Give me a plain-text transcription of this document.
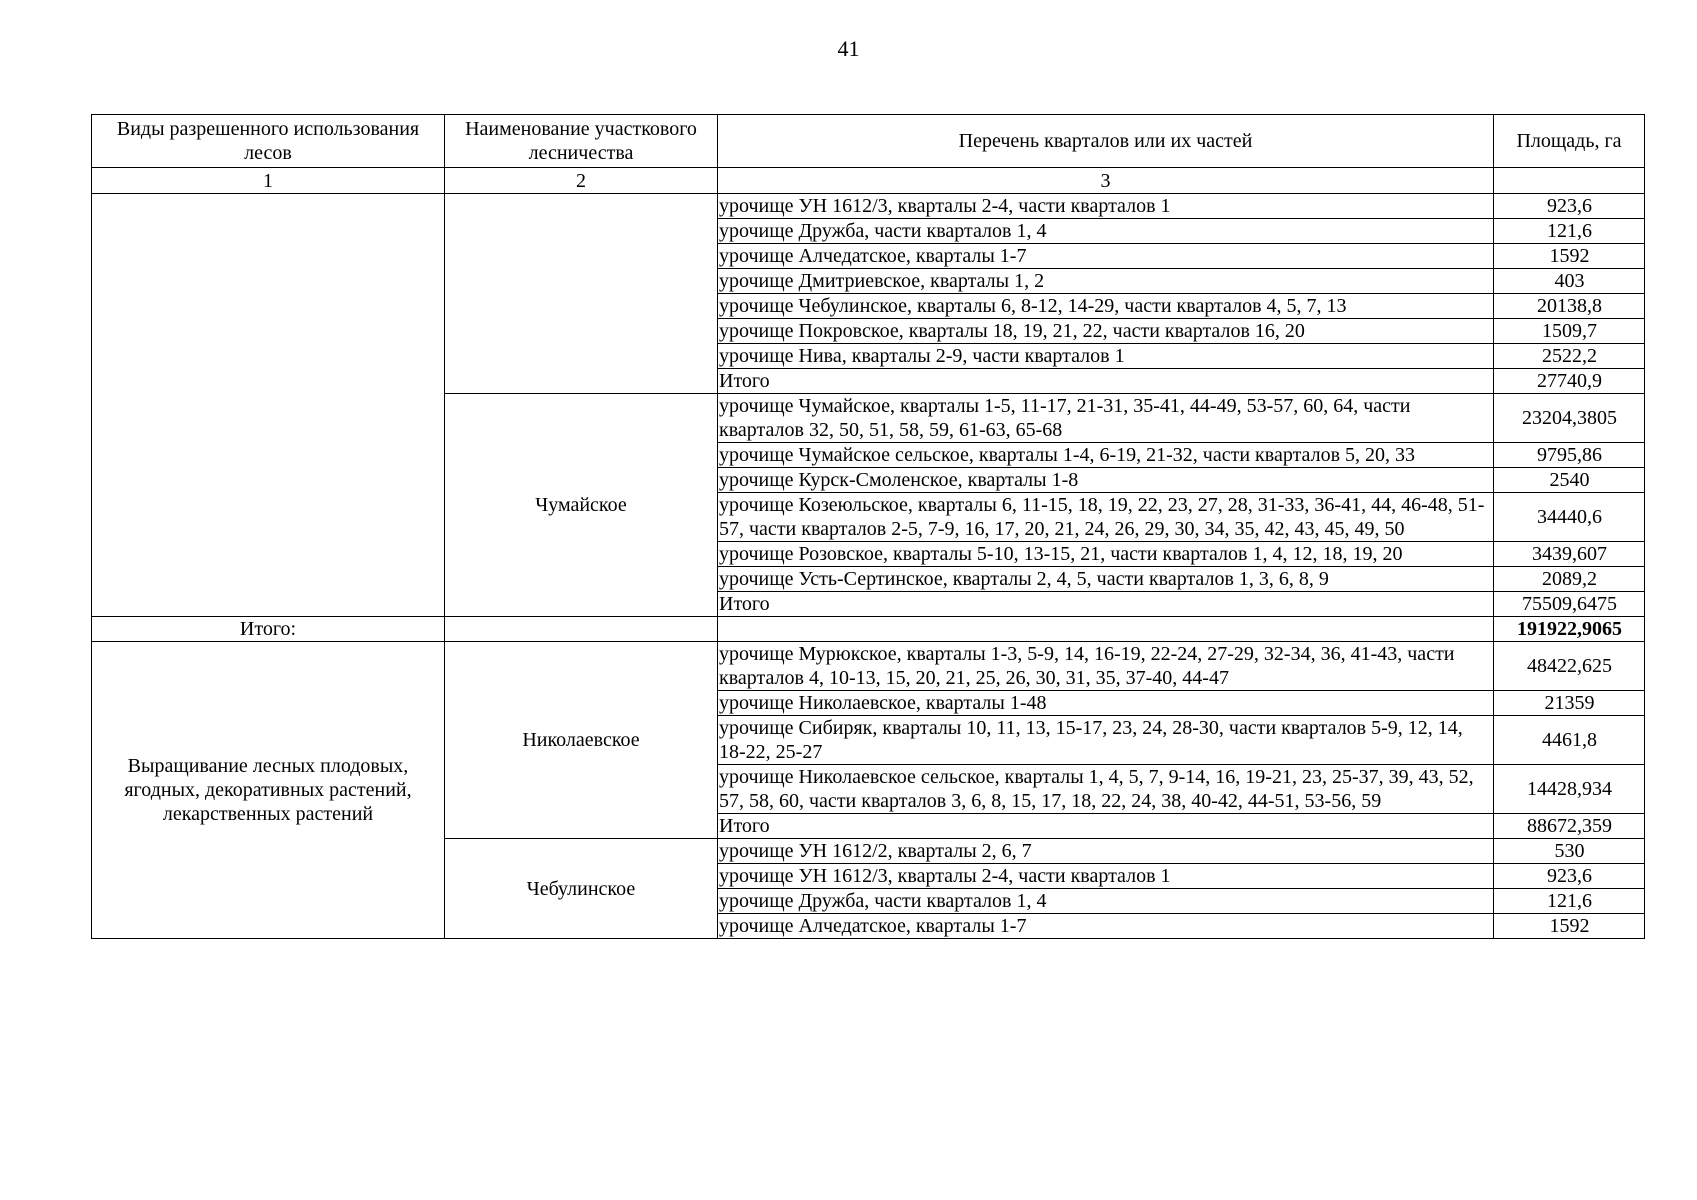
41
Виды разрешенного использования лесов	Наименование участкового лесничества	Перечень кварталов или их частей	Площадь, га
1	2	3	
		урочище УН 1612/3, кварталы 2-4, части кварталов 1	923,6
		урочище Дружба, части кварталов 1, 4	121,6
		урочище Алчедатское, кварталы 1-7	1592
		урочище Дмитриевское, кварталы 1, 2	403
		урочище Чебулинское, кварталы 6, 8-12, 14-29, части кварталов 4, 5, 7, 13	20138,8
		урочище Покровское, кварталы 18, 19, 21, 22, части кварталов 16, 20	1509,7
		урочище Нива, кварталы 2-9, части кварталов 1	2522,2
		Итого	27740,9
	Чумайское	урочище Чумайское, кварталы 1-5, 11-17, 21-31, 35-41, 44-49, 53-57, 60, 64, части кварталов 32, 50, 51, 58, 59, 61-63, 65-68	23204,3805
		урочище Чумайское сельское, кварталы 1-4, 6-19, 21-32, части кварталов 5, 20, 33	9795,86
		урочище Курск-Смоленское, кварталы 1-8	2540
		урочище Козеюльское, кварталы 6, 11-15, 18, 19, 22, 23, 27, 28, 31-33, 36-41, 44, 46-48, 51-57, части кварталов 2-5, 7-9, 16, 17, 20, 21, 24, 26, 29, 30, 34, 35, 42, 43, 45, 49, 50	34440,6
		урочище Розовское, кварталы 5-10, 13-15, 21, части кварталов 1, 4, 12, 18, 19, 20	3439,607
		урочище Усть-Сертинское, кварталы 2, 4, 5, части кварталов 1, 3, 6, 8, 9	2089,2
		Итого	75509,6475
Итого:			191922,9065
Выращивание лесных плодовых, ягодных, декоративных растений, лекарственных растений	Николаевское	урочище Мурюкское, кварталы 1-3, 5-9, 14, 16-19, 22-24, 27-29, 32-34, 36, 41-43, части кварталов 4, 10-13, 15, 20, 21, 25, 26, 30, 31, 35, 37-40, 44-47	48422,625
		урочище Николаевское, кварталы 1-48	21359
		урочище Сибиряк, кварталы 10, 11, 13, 15-17, 23, 24, 28-30, части кварталов 5-9, 12, 14, 18-22, 25-27	4461,8
		урочище Николаевское сельское, кварталы 1, 4, 5, 7, 9-14, 16, 19-21, 23, 25-37, 39, 43, 52, 57, 58, 60, части кварталов 3, 6, 8, 15, 17, 18, 22, 24, 38, 40-42, 44-51, 53-56, 59	14428,934
		Итого	88672,359
	Чебулинское	урочище УН 1612/2, кварталы 2, 6, 7	530
		урочище УН 1612/3, кварталы 2-4, части кварталов 1	923,6
		урочище Дружба, части кварталов 1, 4	121,6
		урочище Алчедатское, кварталы 1-7	1592
